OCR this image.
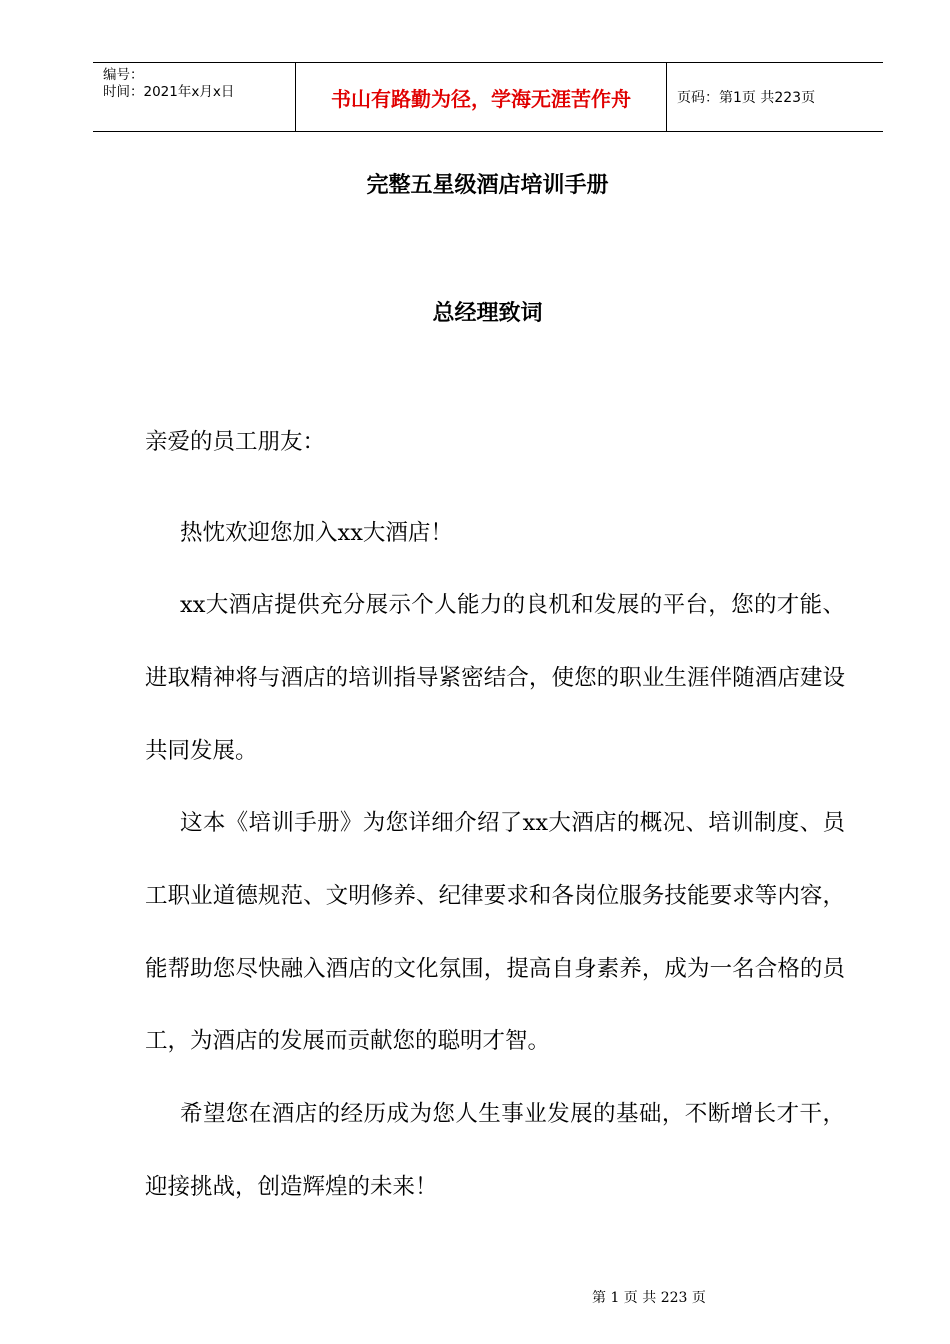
编号：
时间：2021年x月x日	书山有路勤为径，学海无涯苦作舟	页码：第1页 共223页
完整五星级酒店培训手册
总经理致词
亲爱的员工朋友：
热忱欢迎您加入xx大酒店！
xx大酒店提供充分展示个人能力的良机和发展的平台，您的才能、进取精神将与酒店的培训指导紧密结合，使您的职业生涯伴随酒店建设共同发展。
这本《培训手册》为您详细介绍了xx大酒店的概况、培训制度、员工职业道德规范、文明修养、纪律要求和各岗位服务技能要求等内容，能帮助您尽快融入酒店的文化氛围，提高自身素养，成为一名合格的员工，为酒店的发展而贡献您的聪明才智。
希望您在酒店的经历成为您人生事业发展的基础，不断增长才干，迎接挑战，创造辉煌的未来！
第 1 页 共 223 页
